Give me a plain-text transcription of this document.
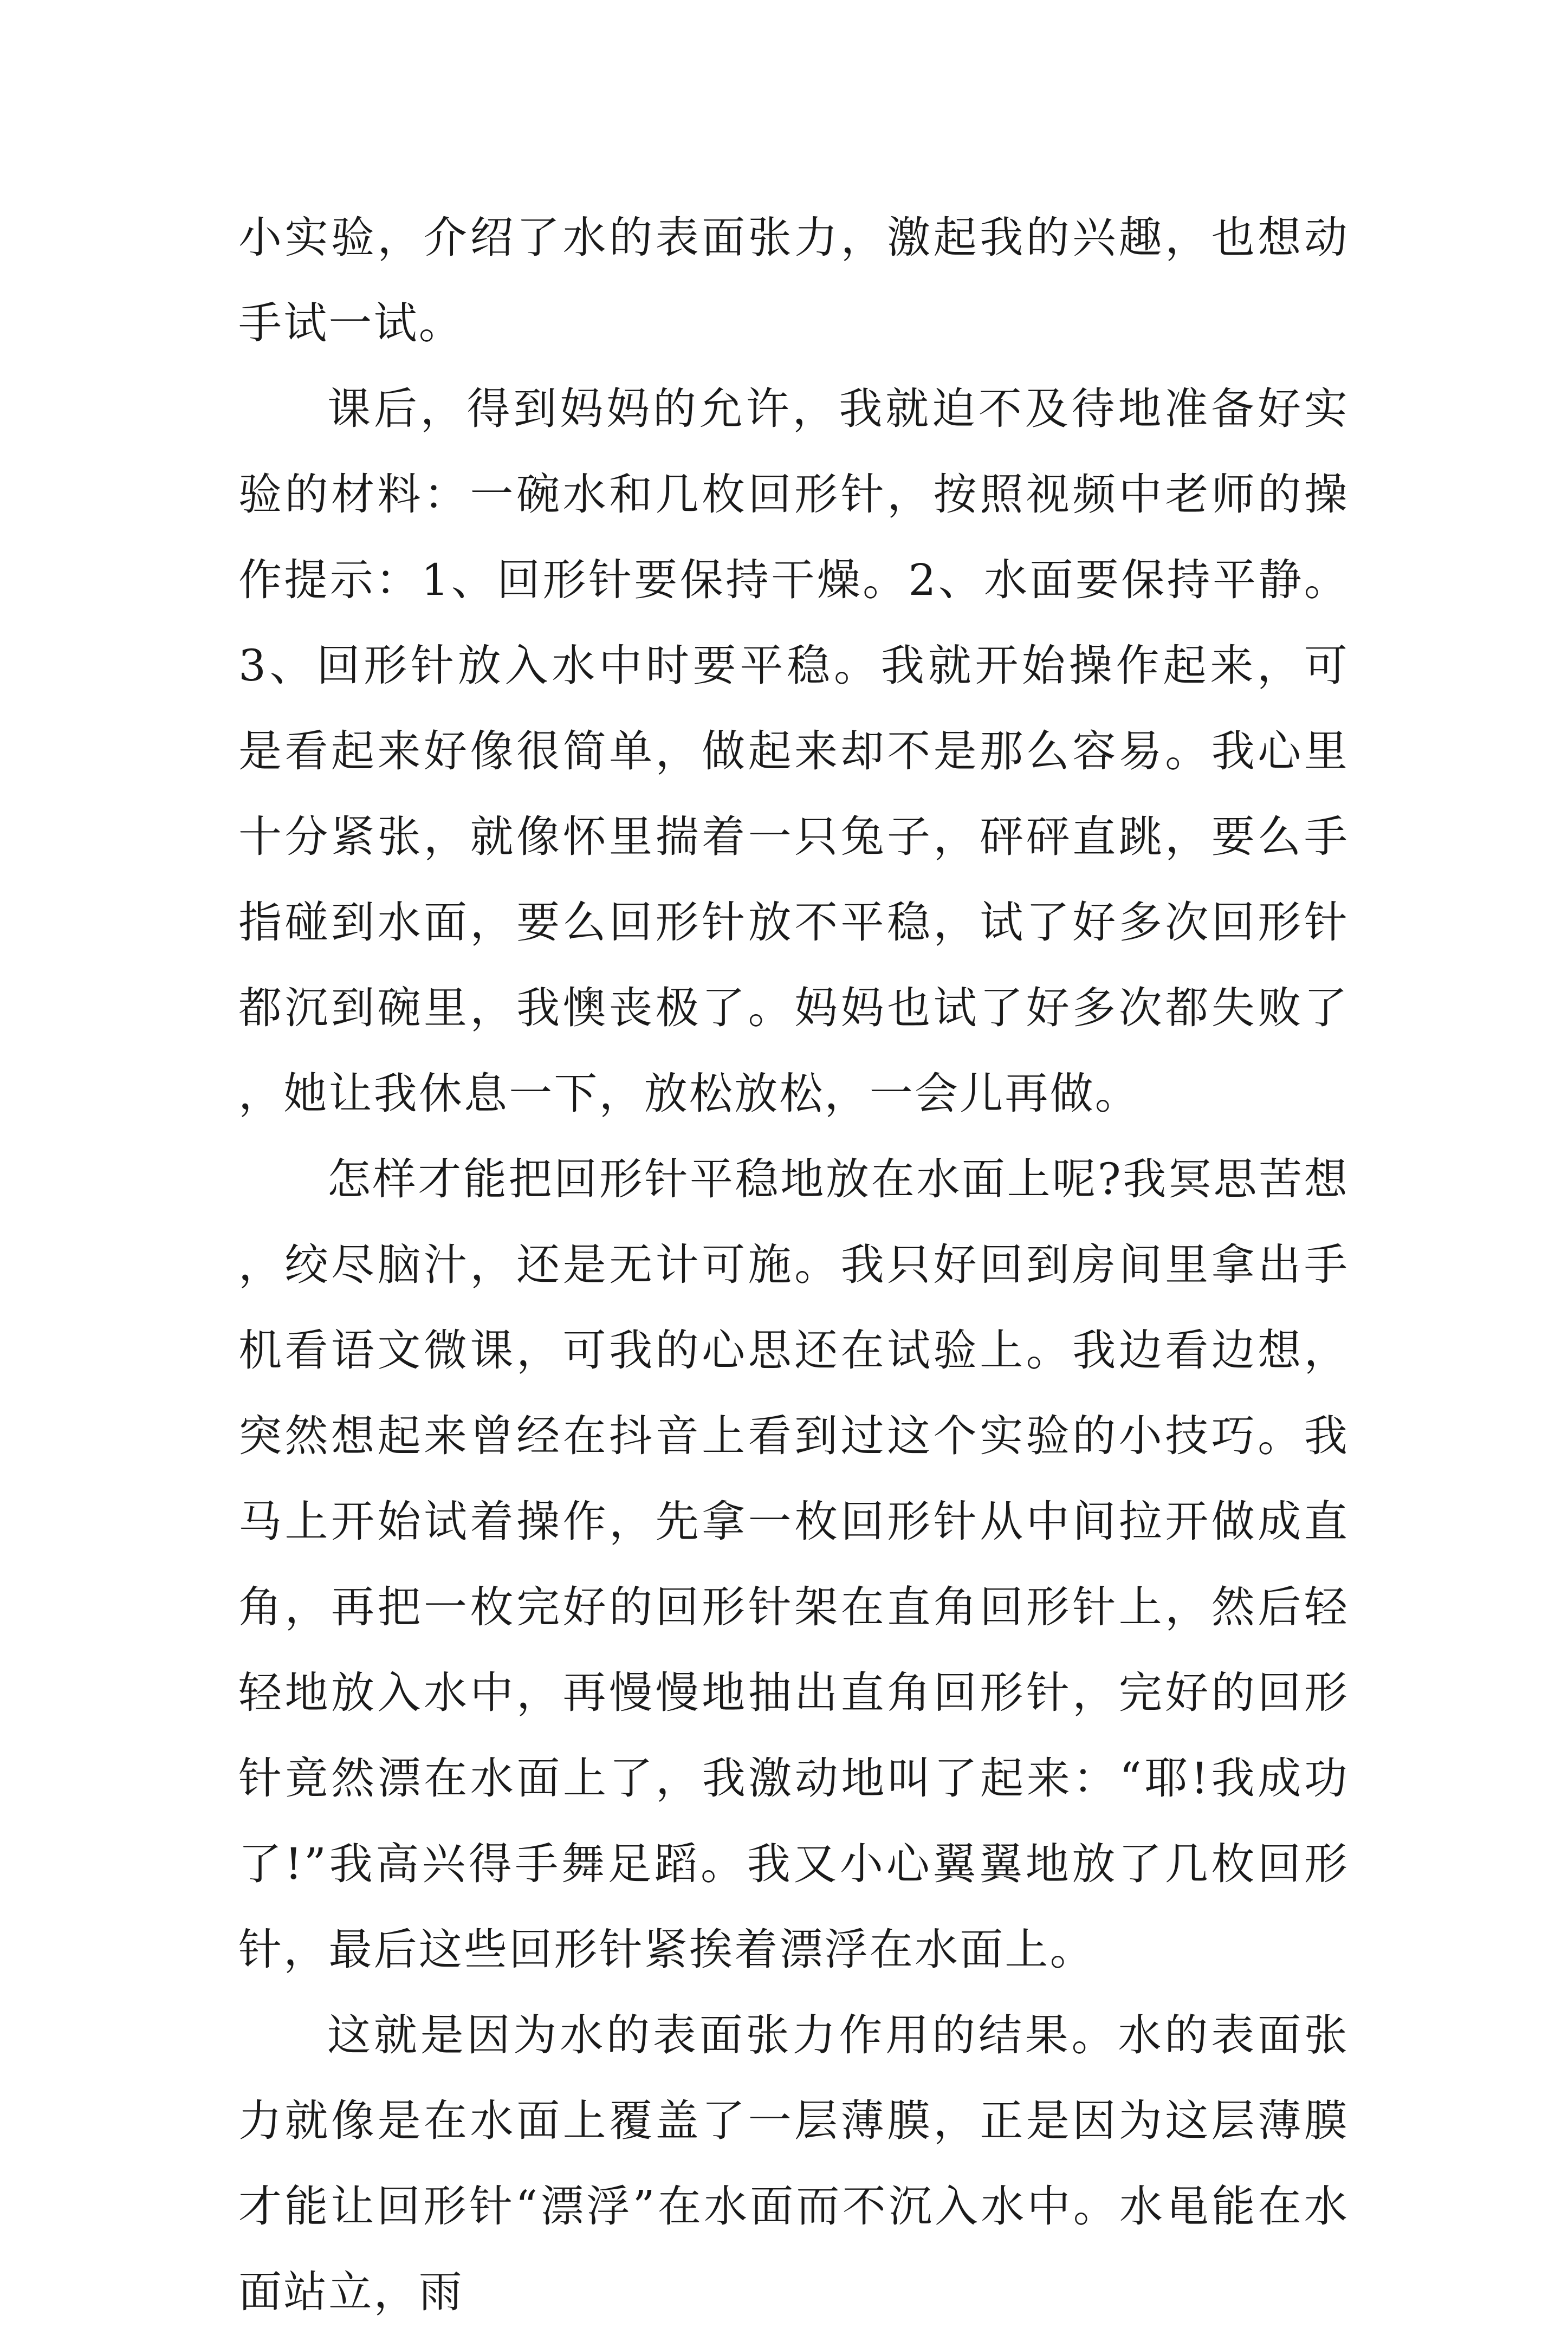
小实验，介绍了水的表面张力，激起我的兴趣，也想动手试一试。

课后，得到妈妈的允许，我就迫不及待地准备好实验的材料：一碗水和几枚回形针，按照视频中老师的操作提示：1、回形针要保持干燥。2、水面要保持平静。3、回形针放入水中时要平稳。我就开始操作起来，可是看起来好像很简单，做起来却不是那么容易。我心里十分紧张，就像怀里揣着一只兔子，砰砰直跳，要么手指碰到水面，要么回形针放不平稳，试了好多次回形针都沉到碗里，我懊丧极了。妈妈也试了好多次都失败了，她让我休息一下，放松放松，一会儿再做。

怎样才能把回形针平稳地放在水面上呢?我冥思苦想，绞尽脑汁，还是无计可施。我只好回到房间里拿出手机看语文微课，可我的心思还在试验上。我边看边想，突然想起来曾经在抖音上看到过这个实验的小技巧。我马上开始试着操作，先拿一枚回形针从中间拉开做成直角，再把一枚完好的回形针架在直角回形针上，然后轻轻地放入水中，再慢慢地抽出直角回形针，完好的回形针竟然漂在水面上了，我激动地叫了起来：“耶!我成功了!”我高兴得手舞足蹈。我又小心翼翼地放了几枚回形针，最后这些回形针紧挨着漂浮在水面上。

这就是因为水的表面张力作用的结果。水的表面张力就像是在水面上覆盖了一层薄膜，正是因为这层薄膜才能让回形针“漂浮”在水面而不沉入水中。水黾能在水面站立，雨
